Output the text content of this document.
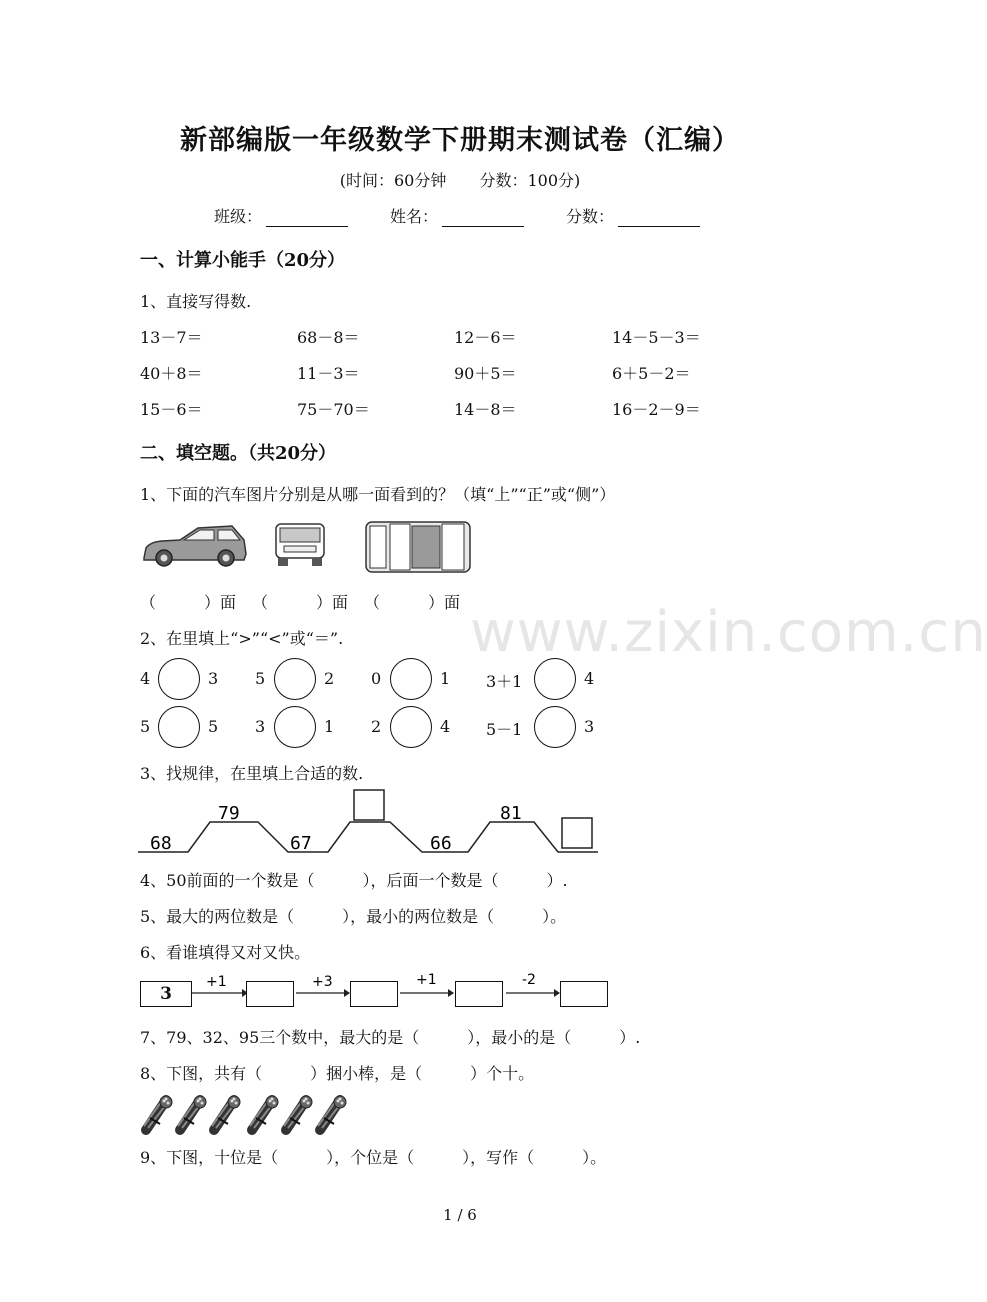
新部编版一年级数学下册期末测试卷（汇编）
(时间：60分钟 分数：100分)
班级：	姓名：	分数：
一、计算小能手（20分）
1、直接写得数.
13－7＝	68－8＝	12－6＝	14－5－3＝
40＋8＝	11－3＝	90＋5＝	6＋5－2＝
15－6＝	75－70＝	14－8＝	16－2－9＝
二、填空题。（共20分）
1、下面的汽车图片分别是从哪一面看到的？（填“上”“正”或“侧”）
（　　　）面 （　　　）面 （　　　）面 www.zixin.com.cn
2、在里填上“>”“<”或“＝”.
4	3 5	2 0	1 3＋1	4
5	5 3	1 2	4 5－1	3
3、找规律，在里填上合适的数.
68
79
67	66
81
4、50前面的一个数是（　　　），后面一个数是（　　　）.
5、最大的两位数是（　　　），最小的两位数是（　　　）。
6、看谁填得又对又快。
3
+1	+3	+1	-2
7、79、32、95三个数中，最大的是（　　　），最小的是（　　　）.
8、下图，共有（　　　）捆小棒，是（　　　）个十。
9、下图，十位是（　　　），个位是（　　　），写作（　　　）。
1 / 6
